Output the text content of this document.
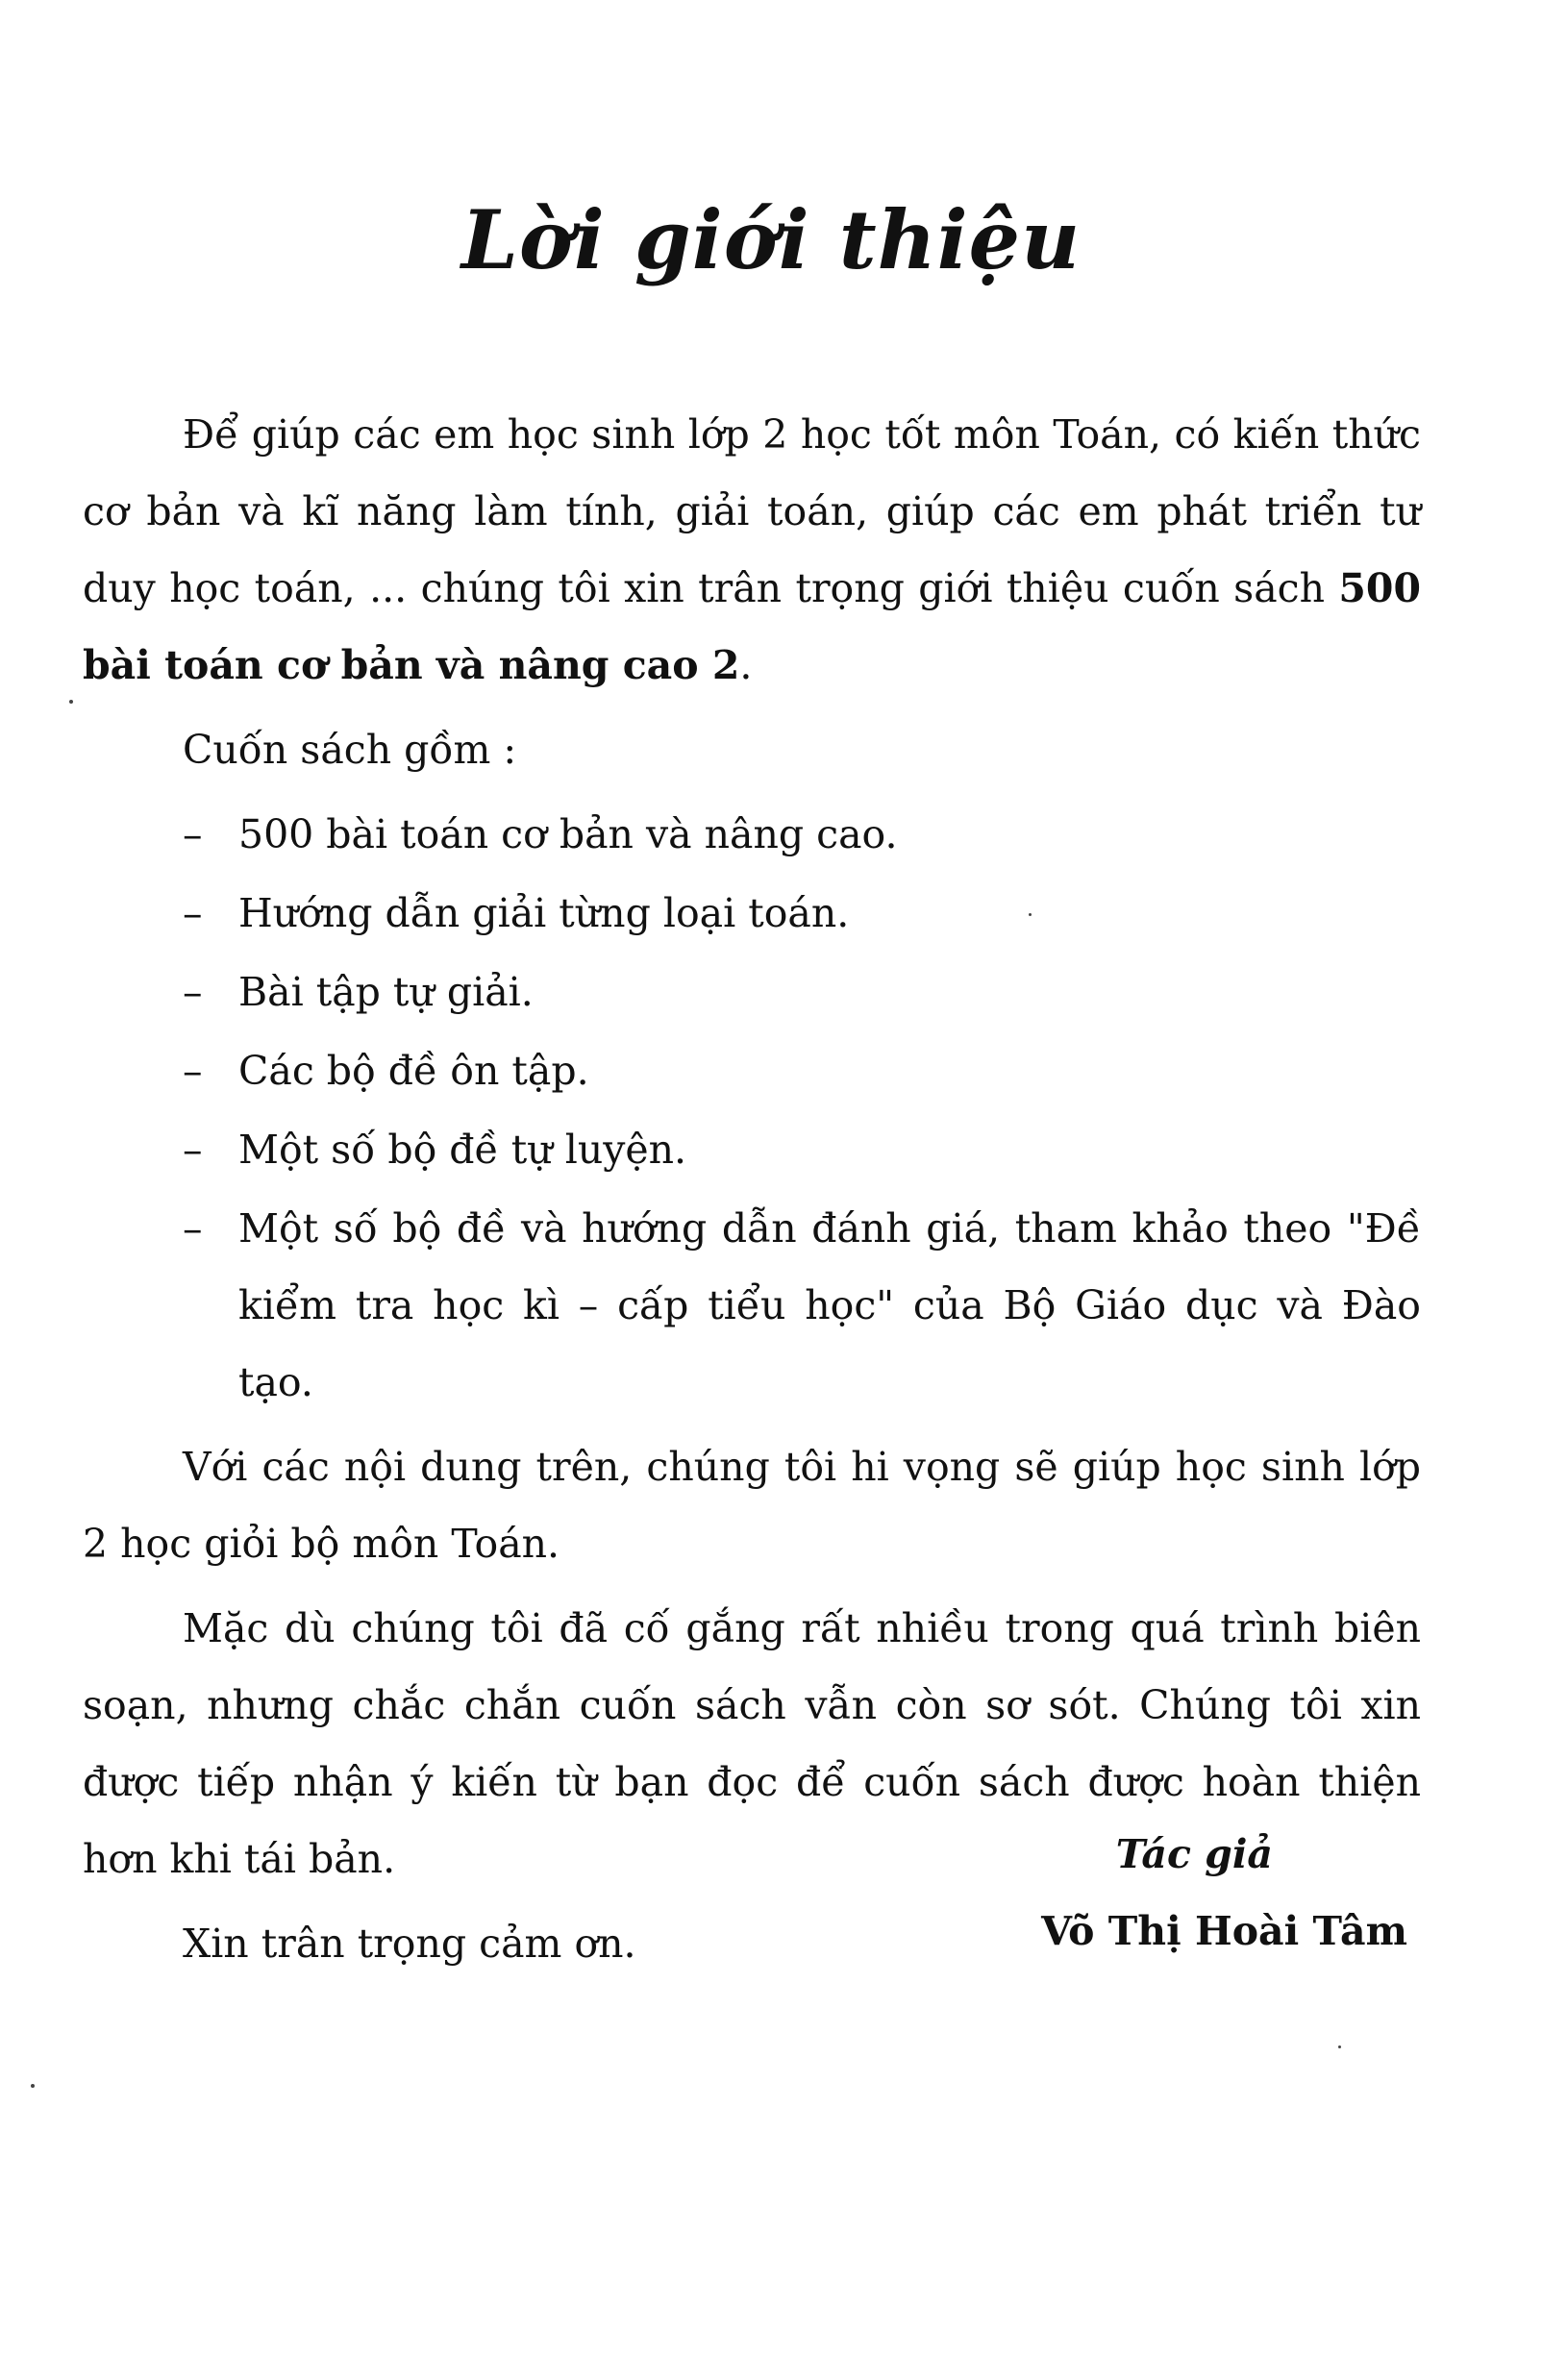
Lời giới thiệu

Để giúp các em học sinh lớp 2 học tốt môn Toán, có kiến thức cơ bản và kĩ năng làm tính, giải toán, giúp các em phát triển tư duy học toán, ... chúng tôi xin trân trọng giới thiệu cuốn sách 500 bài toán cơ bản và nâng cao 2.

Cuốn sách gồm :

– 500 bài toán cơ bản và nâng cao.
– Hướng dẫn giải từng loại toán.
– Bài tập tự giải.
– Các bộ đề ôn tập.
– Một số bộ đề tự luyện.
– Một số bộ đề và hướng dẫn đánh giá, tham khảo theo "Đề kiểm tra học kì – cấp tiểu học" của Bộ Giáo dục và Đào tạo.

Với các nội dung trên, chúng tôi hi vọng sẽ giúp học sinh lớp 2 học giỏi bộ môn Toán.

Mặc dù chúng tôi đã cố gắng rất nhiều trong quá trình biên soạn, nhưng chắc chắn cuốn sách vẫn còn sơ sót. Chúng tôi xin được tiếp nhận ý kiến từ bạn đọc để cuốn sách được hoàn thiện hơn khi tái bản.

Xin trân trọng cảm ơn.

Tác giả
Võ Thị Hoài Tâm
